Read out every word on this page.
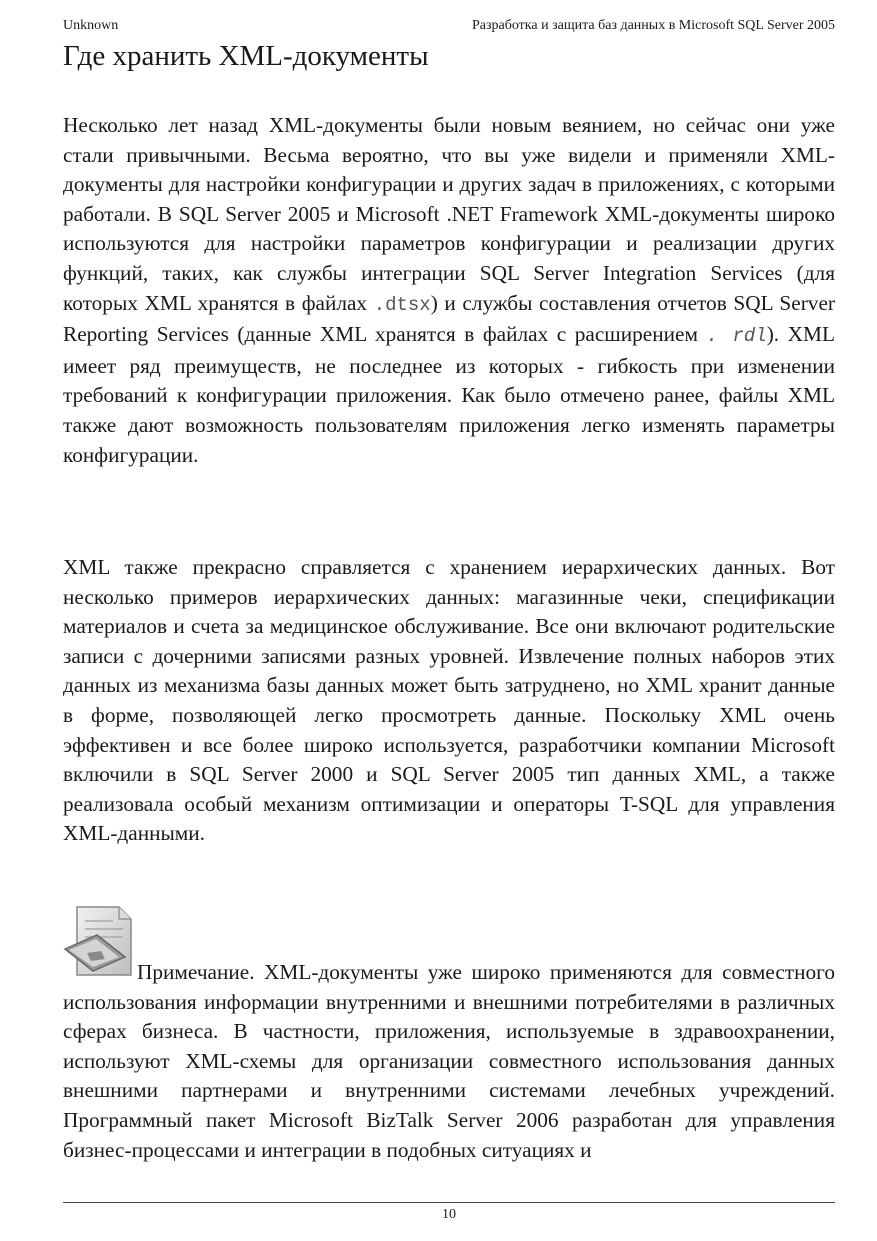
Unknown	Разработка и защита баз данных в Microsoft SQL Server 2005
Где хранить XML-документы

Несколько лет назад XML-документы были новым веянием, но сейчас они уже стали привычными. Весьма вероятно, что вы уже видели и применяли XML-документы для настройки конфигурации и других задач в приложениях, с которыми работали. В SQL Server 2005 и Microsoft .NET Framework XML-документы широко используются для настройки параметров конфигурации и реализации других функций, таких, как службы интеграции SQL Server Integration Services (для которых XML хранятся в файлах .dtsx) и службы составления отчетов SQL Server Reporting Services (данные XML хранятся в файлах с расширением . rdl). XML имеет ряд преимуществ, не последнее из которых - гибкость при изменении требований к конфигурации приложения. Как было отмечено ранее, файлы XML также дают возможность пользователям приложения легко изменять параметры конфигурации.

XML также прекрасно справляется с хранением иерархических данных. Вот несколько примеров иерархических данных: магазинные чеки, спецификации материалов и счета за медицинское обслуживание. Все они включают родительские записи с дочерними записями разных уровней. Извлечение полных наборов этих данных из механизма базы данных может быть затруднено, но XML хранит данные в форме, позволяющей легко просмотреть данные. Поскольку XML очень эффективен и все более широко используется, разработчики компании Microsoft включили в SQL Server 2000 и SQL Server 2005 тип данных XML, а также реализовала особый механизм оптимизации и операторы T-SQL для управления XML-данными.

Примечание. XML-документы уже широко применяются для совместного использования информации внутренними и внешними потребителями в различных сферах бизнеса. В частности, приложения, используемые в здравоохранении, используют XML-схемы для организации совместного использования данных внешними партнерами и внутренними системами лечебных учреждений. Программный пакет Microsoft BizTalk Server 2006 разработан для управления бизнес-процессами и интеграции в подобных ситуациях и

10
